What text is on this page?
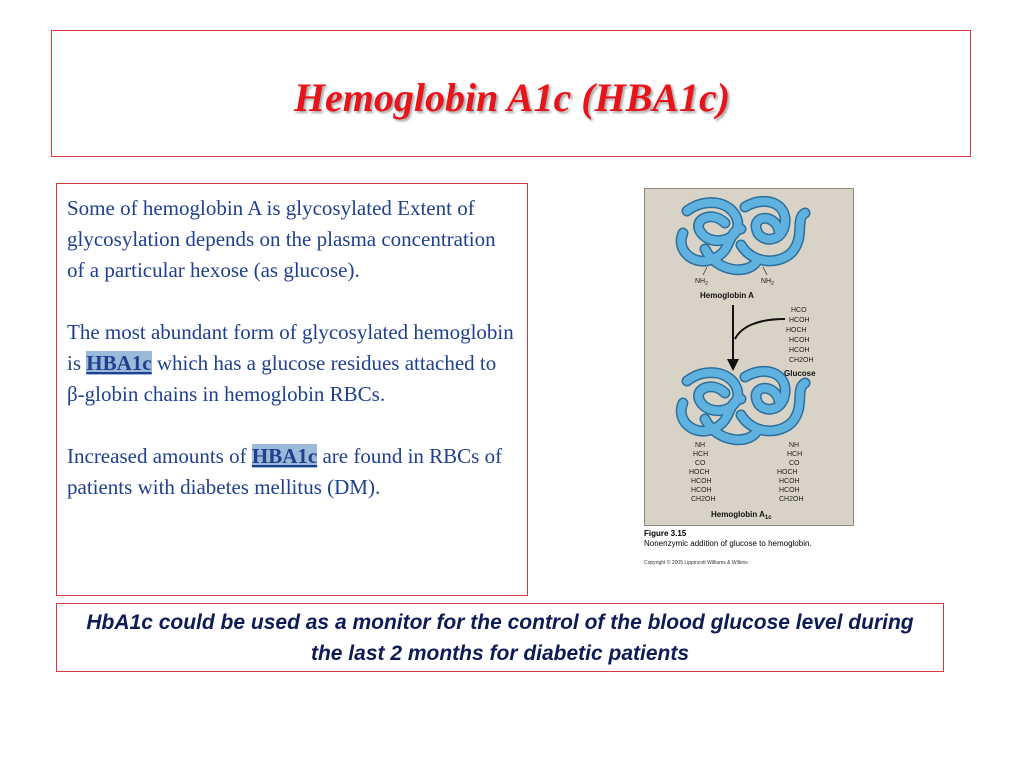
Hemoglobin A1c (HBA1c)

Some of hemoglobin A is glycosylated Extent of glycosylation depends on the plasma concentration of a particular hexose (as glucose).

The most abundant form of glycosylated hemoglobin is HBA1c which has a glucose residues attached to β-globin chains in hemoglobin RBCs.

Increased amounts of HBA1c are found in RBCs of patients with diabetes mellitus (DM).

$NH_2$	$NH_2$
Hemoglobin A
HCO
HCOH
HOCH
HCOH
HCOH
CH2OH
Glucose
NH
HCH
CO
HOCH
HCOH
HCOH
CH2OH
NH
HCH
CO
HOCH
HCOH
HCOH
CH2OH
Hemoglobin $A_{1c}$
Figure 3.15
Nonenzymic addition of glucose to hemoglobin.
Copyright © 2005 Lippincott Williams & Wilkins
HbA1c could be used as a monitor for the control of the blood glucose level during the last 2 months for diabetic patients
